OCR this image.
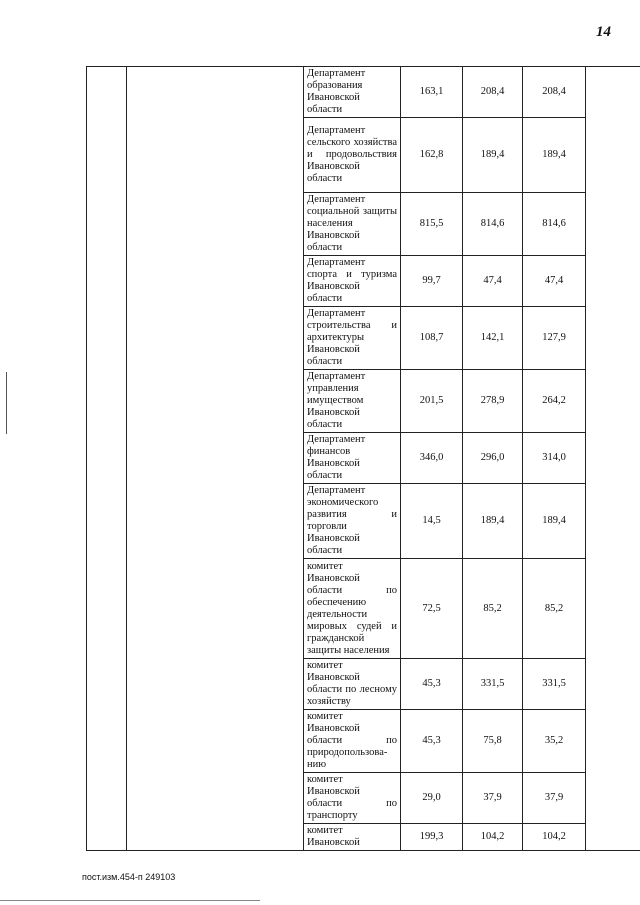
14
		Департамент образования Ивановской области	163,1	208,4	208,4	
		Департамент сельского хозяйства и продовольствия Ивановской области	162,8	189,4	189,4	
		Департамент социальной защиты населения Ивановской области	815,5	814,6	814,6	
		Департамент спорта и туризма Ивановской области	99,7	47,4	47,4	
		Департамент строительства и архитектуры Ивановской области	108,7	142,1	127,9	
		Департамент управления имуществом Ивановской области	201,5	278,9	264,2	
		Департамент финансов Ивановской области	346,0	296,0	314,0	
		Департамент экономического развития и торговли Ивановской области	14,5	189,4	189,4	
		комитет Ивановской области по обеспечению деятельности мировых судей и гражданской защиты населения	72,5	85,2	85,2	
		комитет Ивановской области по лесному хозяйству	45,3	331,5	331,5	
		комитет Ивановской области по природопользова-нию	45,3	75,8	35,2	
		комитет Ивановской области по транспорту	29,0	37,9	37,9	
		комитет Ивановской	199,3	104,2	104,2	
пост.изм.454-п 249103
